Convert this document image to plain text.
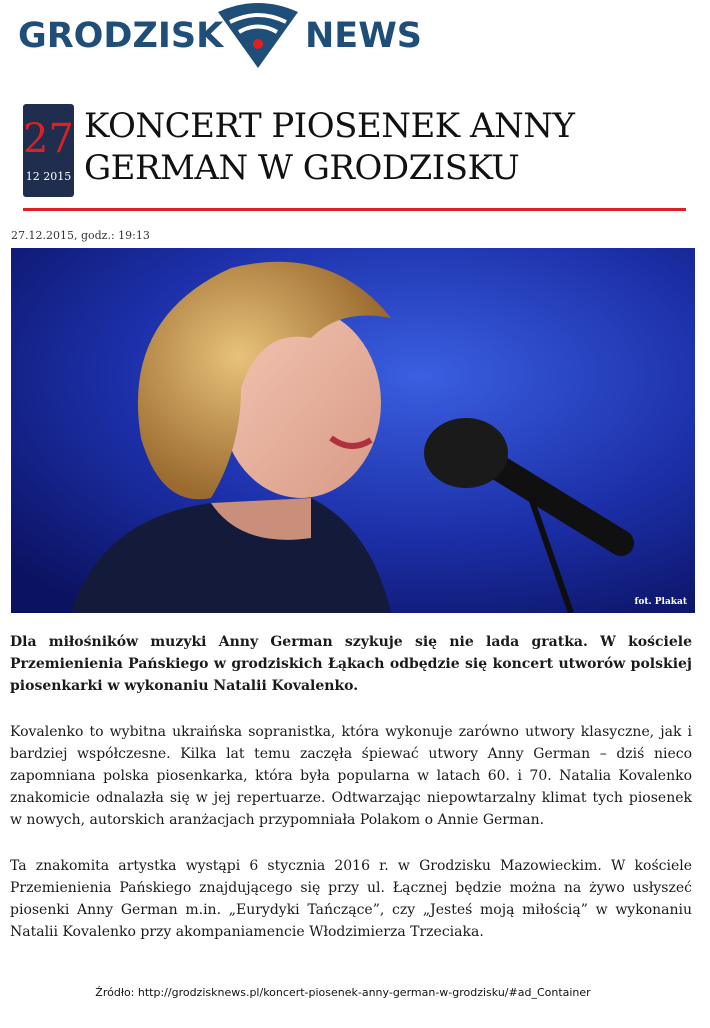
GRODZISK NEWS
27
12 2015
KONCERT PIOSENEK ANNY GERMAN W GRODZISKU
27.12.2015, godz.: 19:13
fot. Plakat

Dla miłośników muzyki Anny German szykuje się nie lada gratka. W kościele Przemienienia Pańskiego w grodziskich Łąkach odbędzie się koncert utworów polskiej piosenkarki w wykonaniu Natalii Kovalenko.

Kovalenko to wybitna ukraińska sopranistka, która wykonuje zarówno utwory klasyczne, jak i bardziej współczesne. Kilka lat temu zaczęła śpiewać utwory Anny German – dziś nieco zapomniana polska piosenkarka, która była popularna w latach 60. i 70. Natalia Kovalenko znakomicie odnalazła się w jej repertuarze. Odtwarzając niepowtarzalny klimat tych piosenek w nowych, autorskich aranżacjach przypomniała Polakom o Annie German.

Ta znakomita artystka wystąpi 6 stycznia 2016 r. w Grodzisku Mazowieckim. W kościele Przemienienia Pańskiego znajdującego się przy ul. Łącznej będzie można na żywo usłyszeć piosenki Anny German m.in. „Eurydyki Tańczące”, czy „Jesteś moją miłością” w wykonaniu Natalii Kovalenko przy akompaniamencie Włodzimierza Trzeciaka.

Źródło: http://grodzisknews.pl/koncert-piosenek-anny-german-w-grodzisku/#ad_Container
